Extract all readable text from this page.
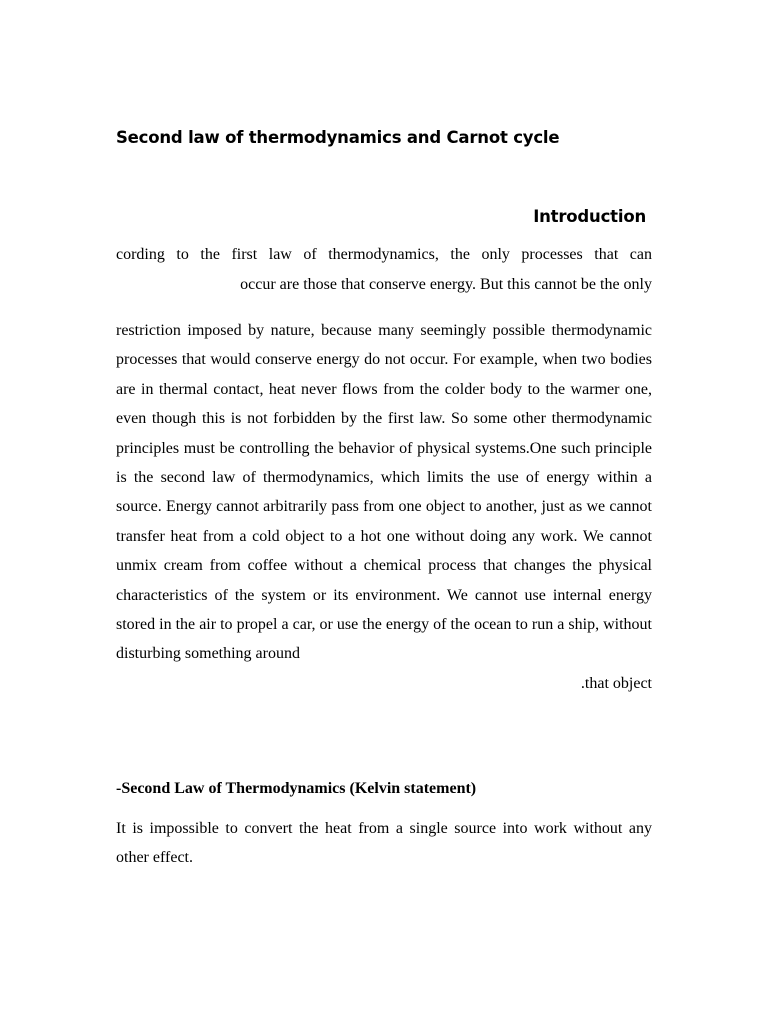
Second law of thermodynamics and Carnot cycle
Introduction
cording to the first law of thermodynamics, the only processes that can
occur are those that conserve energy. But this cannot be the only

restriction imposed by nature, because many seemingly possible thermodynamic processes that would conserve energy do not occur. For example, when two bodies are in thermal contact, heat never flows from the colder body to the warmer one, even though this is not forbidden by the first law. So some other thermodynamic principles must be controlling the behavior of physical systems.One such principle is the second law of thermodynamics, which limits the use of energy within a source. Energy cannot arbitrarily pass from one object to another, just as we cannot transfer heat from a cold object to a hot one without doing any work. We cannot unmix cream from coffee without a chemical process that changes the physical characteristics of the system or its environment. We cannot use internal energy stored in the air to propel a car, or use the energy of the ocean to run a ship, without disturbing something around
.that object

-Second Law of Thermodynamics (Kelvin statement)

It is impossible to convert the heat from a single source into work without any other effect.
